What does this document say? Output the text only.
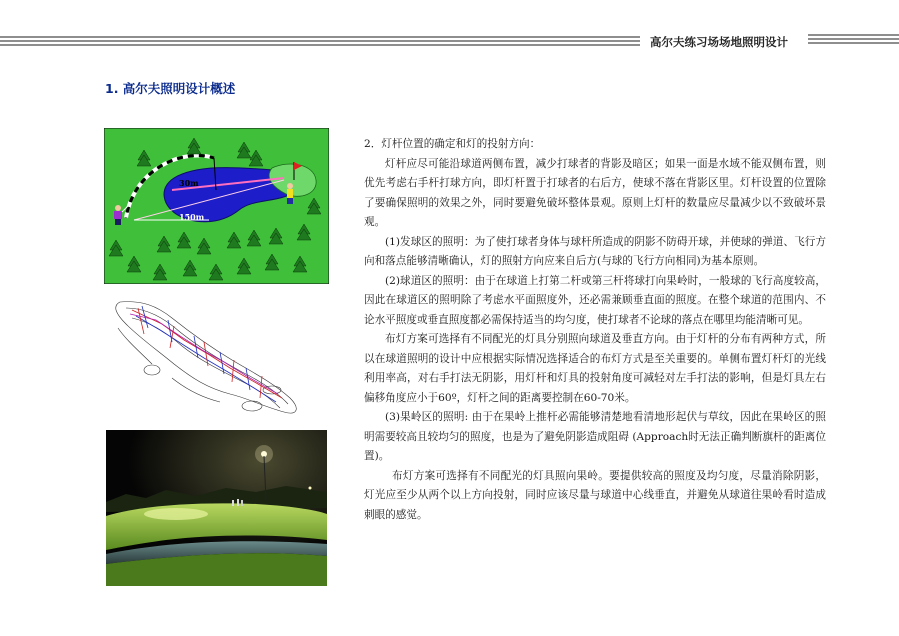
高尔夫练习场场地照明设计
1. 高尔夫照明设计概述
30m
150m

2．灯杆位置的确定和灯的投射方向：

灯杆应尽可能沿球道两侧布置，减少打球者的背影及暗区；如果一面是水域不能双侧布置，则优先考虑右手杆打球方向，即灯杆置于打球者的右后方，使球不落在背影区里。灯杆设置的位置除了要确保照明的效果之外，同时要避免破坏整体景观。原则上灯杆的数量应尽量减少以不致破坏景观。

(1)发球区的照明：为了使打球者身体与球杆所造成的阴影不防碍开球，并使球的弹道、飞行方向和落点能够清晰确认，灯的照射方向应来自后方(与球的飞行方向相同)为基本原则。

(2)球道区的照明：由于在球道上打第二杆或第三杆将球打向果岭时，一般球的飞行高度较高，因此在球道区的照明除了考虑水平面照度外，还必需兼顾垂直面的照度。在整个球道的范围内、不论水平照度或垂直照度都必需保持适当的均匀度，使打球者不论球的落点在哪里均能清晰可见。

布灯方案可选择有不同配光的灯具分别照向球道及垂直方向。由于灯杆的分布有两种方式，所以在球道照明的设计中应根据实际情况选择适合的布灯方式是至关重要的。单侧布置灯杆灯的光线利用率高，对右手打法无阴影，用灯杆和灯具的投射角度可减轻对左手打法的影响，但是灯具左右偏移角度应小于60º，灯杆之间的距离要控制在60-70米。

(3)果岭区的照明: 由于在果岭上推杆必需能够清楚地看清地形起伏与草纹，因此在果岭区的照明需要较高且较均匀的照度，也是为了避免阴影造成阻碍 (Approach时无法正确判断旗杆的距离位置)。

布灯方案可选择有不同配光的灯具照向果岭。要提供较高的照度及均匀度，尽量消除阴影，灯光应至少从两个以上方向投射，同时应该尽量与球道中心线垂直，并避免从球道往果岭看时造成刺眼的感觉。
